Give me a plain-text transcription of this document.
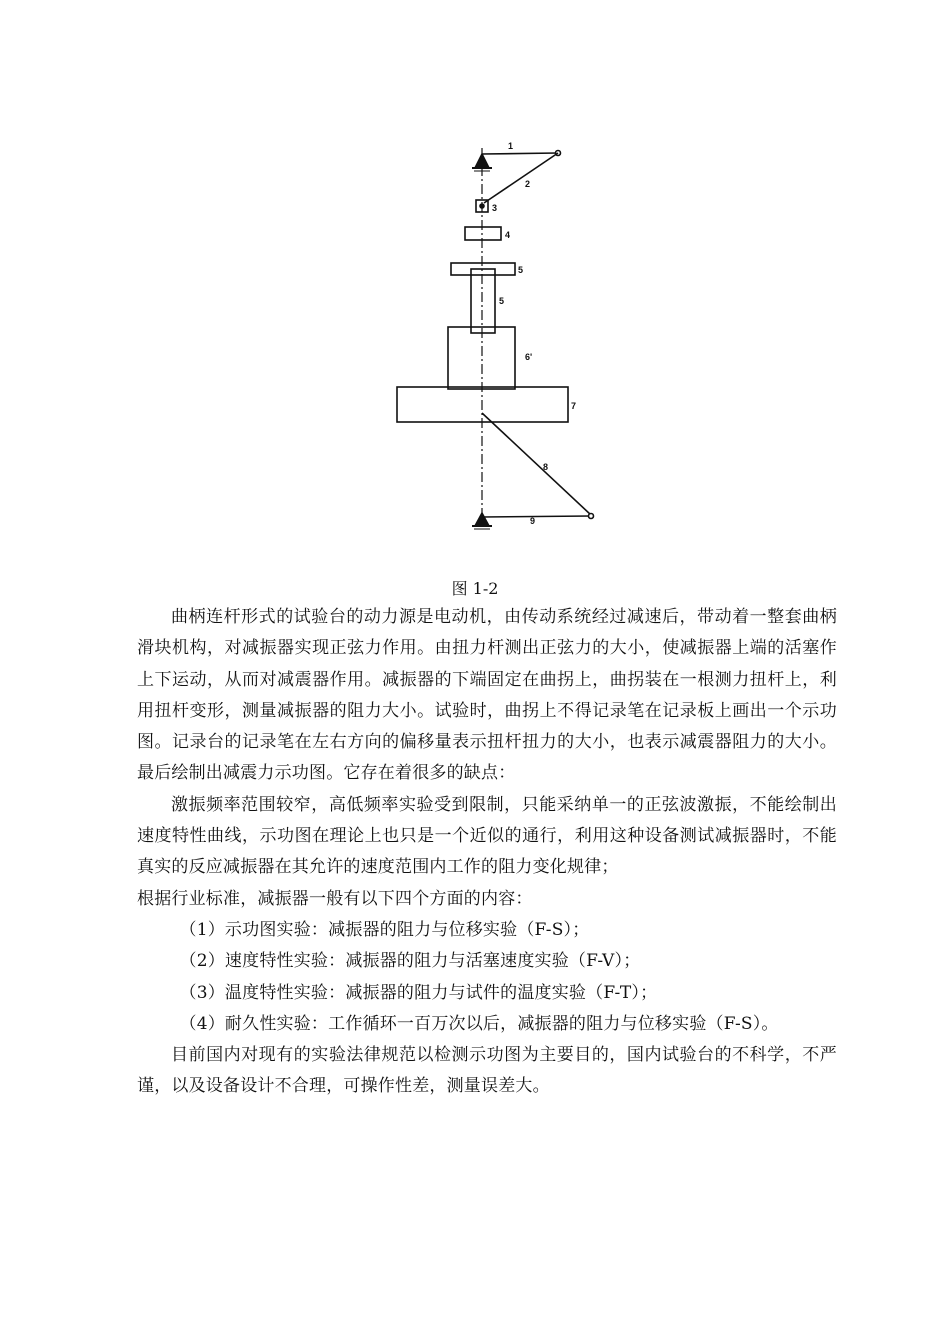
1
2
3
4
5
5
6'
7
8
9
图 1-2

曲柄连杆形式的试验台的动力源是电动机，由传动系统经过减速后，带动着一整套曲柄滑块机构，对减振器实现正弦力作用。由扭力杆测出正弦力的大小，使减振器上端的活塞作上下运动，从而对减震器作用。减振器的下端固定在曲拐上，曲拐装在一根测力扭杆上，利用扭杆变形，测量减振器的阻力大小。试验时，曲拐上不得记录笔在记录板上画出一个示功图。记录台的记录笔在左右方向的偏移量表示扭杆扭力的大小，也表示减震器阻力的大小。最后绘制出减震力示功图。它存在着很多的缺点：

激振频率范围较窄，高低频率实验受到限制，只能采纳单一的正弦波激振，不能绘制出速度特性曲线，示功图在理论上也只是一个近似的通行，利用这种设备测试减振器时，不能真实的反应减振器在其允许的速度范围内工作的阻力变化规律；

根据行业标准，减振器一般有以下四个方面的内容：

（1）示功图实验：减振器的阻力与位移实验（F-S）；

（2）速度特性实验：减振器的阻力与活塞速度实验（F-V）；

（3）温度特性实验：减振器的阻力与试件的温度实验（F-T）；

（4）耐久性实验：工作循环一百万次以后，减振器的阻力与位移实验（F-S）。

目前国内对现有的实验法律规范以检测示功图为主要目的，国内试验台的不科学，不严谨，以及设备设计不合理，可操作性差，测量误差大。
